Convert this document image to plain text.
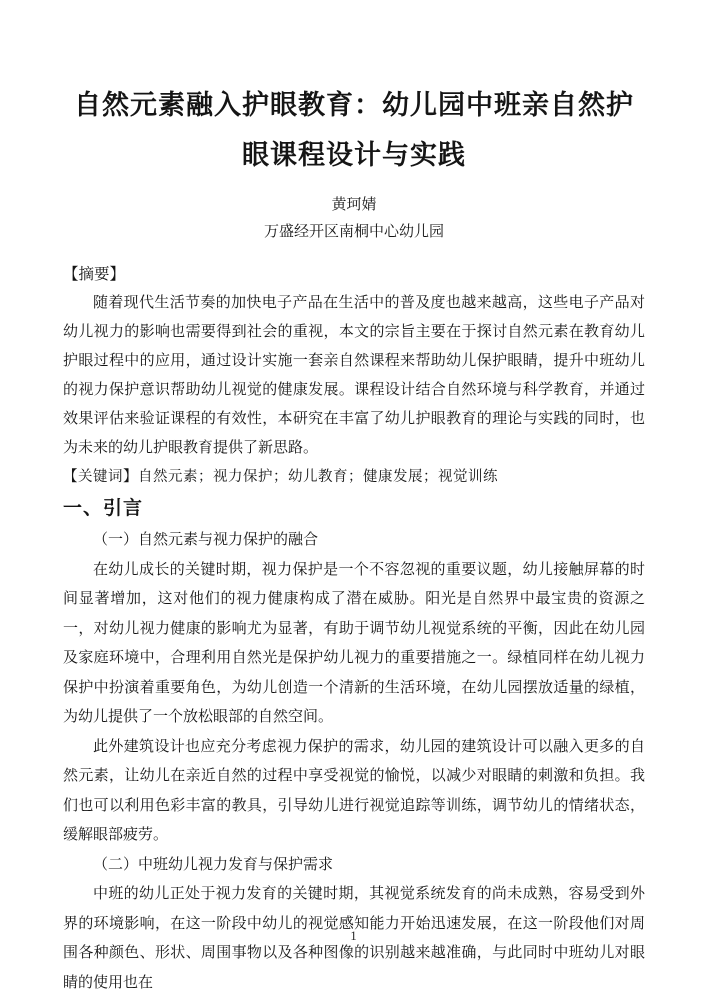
自然元素融入护眼教育：幼儿园中班亲自然护眼课程设计与实践
黄珂婧
万盛经开区南桐中心幼儿园
【摘要】

随着现代生活节奏的加快电子产品在生活中的普及度也越来越高，这些电子产品对幼儿视力的影响也需要得到社会的重视，本文的宗旨主要在于探讨自然元素在教育幼儿护眼过程中的应用，通过设计实施一套亲自然课程来帮助幼儿保护眼睛，提升中班幼儿的视力保护意识帮助幼儿视觉的健康发展。课程设计结合自然环境与科学教育，并通过效果评估来验证课程的有效性，本研究在丰富了幼儿护眼教育的理论与实践的同时，也为未来的幼儿护眼教育提供了新思路。

【关键词】自然元素；视力保护；幼儿教育；健康发展；视觉训练
一、引言
（一）自然元素与视力保护的融合

在幼儿成长的关键时期，视力保护是一个不容忽视的重要议题，幼儿接触屏幕的时间显著增加，这对他们的视力健康构成了潜在威胁。阳光是自然界中最宝贵的资源之一，对幼儿视力健康的影响尤为显著，有助于调节幼儿视觉系统的平衡，因此在幼儿园及家庭环境中，合理利用自然光是保护幼儿视力的重要措施之一。绿植同样在幼儿视力保护中扮演着重要角色，为幼儿创造一个清新的生活环境，在幼儿园摆放适量的绿植，为幼儿提供了一个放松眼部的自然空间。

此外建筑设计也应充分考虑视力保护的需求，幼儿园的建筑设计可以融入更多的自然元素，让幼儿在亲近自然的过程中享受视觉的愉悦，以减少对眼睛的刺激和负担。我们也可以利用色彩丰富的教具，引导幼儿进行视觉追踪等训练，调节幼儿的情绪状态，缓解眼部疲劳。

（二）中班幼儿视力发育与保护需求

中班的幼儿正处于视力发育的关键时期，其视觉系统发育的尚未成熟，容易受到外界的环境影响，在这一阶段中幼儿的视觉感知能力开始迅速发展，在这一阶段他们对周围各种颜色、形状、周围事物以及各种图像的识别越来越准确，与此同时中班幼儿对眼睛的使用也在

1
